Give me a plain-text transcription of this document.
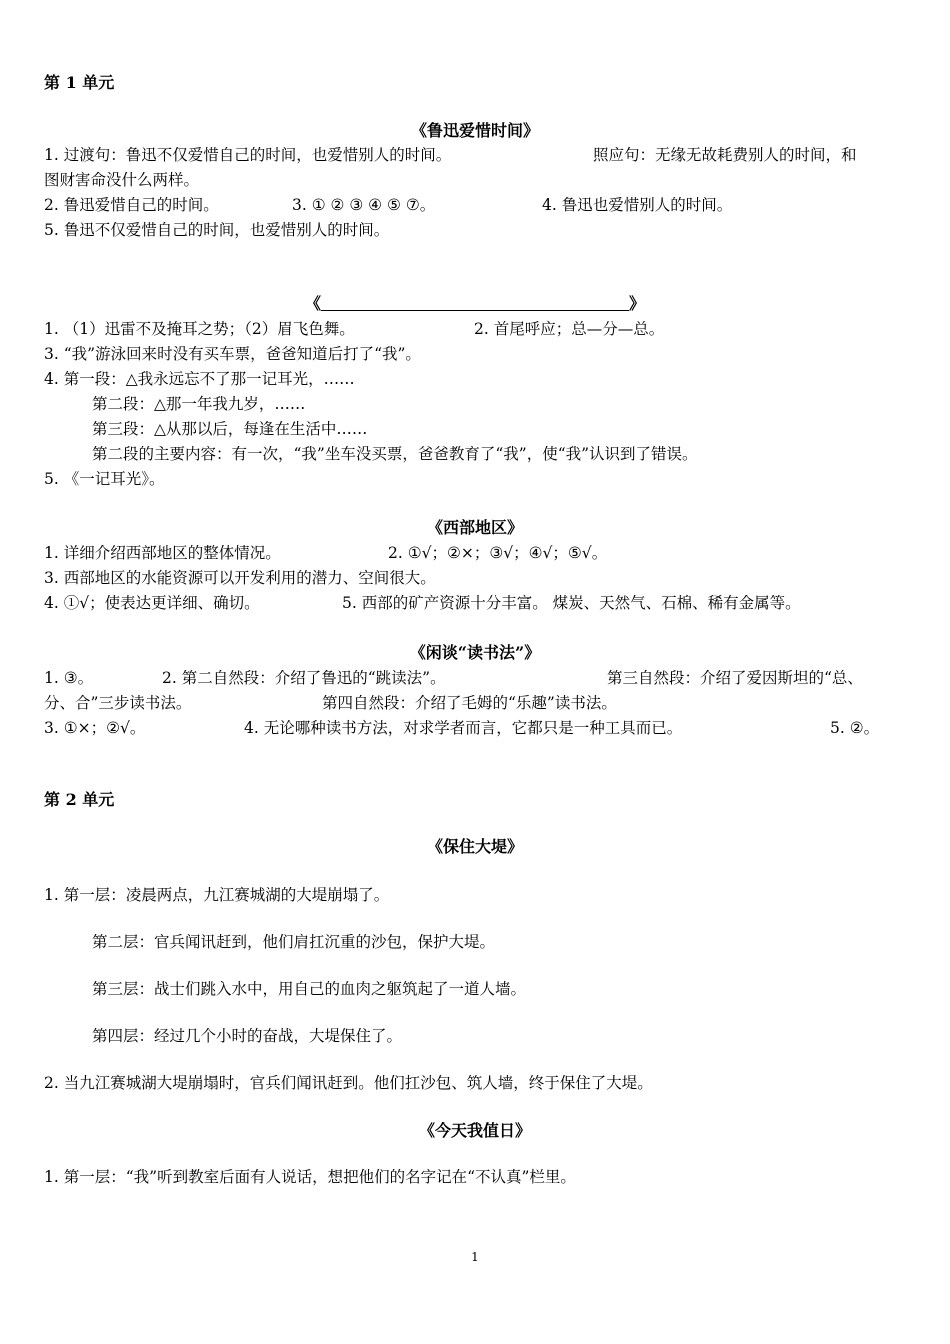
第 1 单元
《鲁迅爱惜时间》
1. 过渡句：鲁迅不仅爱惜自己的时间，也爱惜别人的时间。	照应句：无缘无故耗费别人的时间，和
图财害命没什么两样。
2. 鲁迅爱惜自己的时间。	3. ① ② ③ ④ ⑤ ⑦。	4. 鲁迅也爱惜别人的时间。
5. 鲁迅不仅爱惜自己的时间，也爱惜别人的时间。
《	》
1. （1）迅雷不及掩耳之势；（2）眉飞色舞。	2. 首尾呼应；总—分—总。
3. “我”游泳回来时没有买车票，爸爸知道后打了“我”。
4. 第一段：△我永远忘不了那一记耳光，……
第二段：△那一年我九岁，……
第三段：△从那以后，每逢在生活中……
第二段的主要内容：有一次，“我”坐车没买票，爸爸教育了“我”，使“我”认识到了错误。
5. 《一记耳光》。
《西部地区》
1. 详细介绍西部地区的整体情况。	2. ①√；②×；③√；④√；⑤√。
3. 西部地区的水能资源可以开发利用的潜力、空间很大。
4. ①√；使表达更详细、确切。	5. 西部的矿产资源十分丰富。 煤炭、天然气、石棉、稀有金属等。
《闲谈“读书法”》
1. ③。	2. 第二自然段：介绍了鲁迅的“跳读法”。	第三自然段：介绍了爱因斯坦的“总、
分、合”三步读书法。	第四自然段：介绍了毛姆的“乐趣”读书法。
3. ①×；②√。	4. 无论哪种读书方法，对求学者而言，它都只是一种工具而已。	5. ②。
第 2 单元
《保住大堤》
1. 第一层：凌晨两点，九江赛城湖的大堤崩塌了。
第二层：官兵闻讯赶到，他们肩扛沉重的沙包，保护大堤。
第三层：战士们跳入水中，用自己的血肉之躯筑起了一道人墙。
第四层：经过几个小时的奋战，大堤保住了。
2. 当九江赛城湖大堤崩塌时，官兵们闻讯赶到。他们扛沙包、筑人墙，终于保住了大堤。
《今天我值日》
1. 第一层：“我”听到教室后面有人说话，想把他们的名字记在“不认真”栏里。
1
